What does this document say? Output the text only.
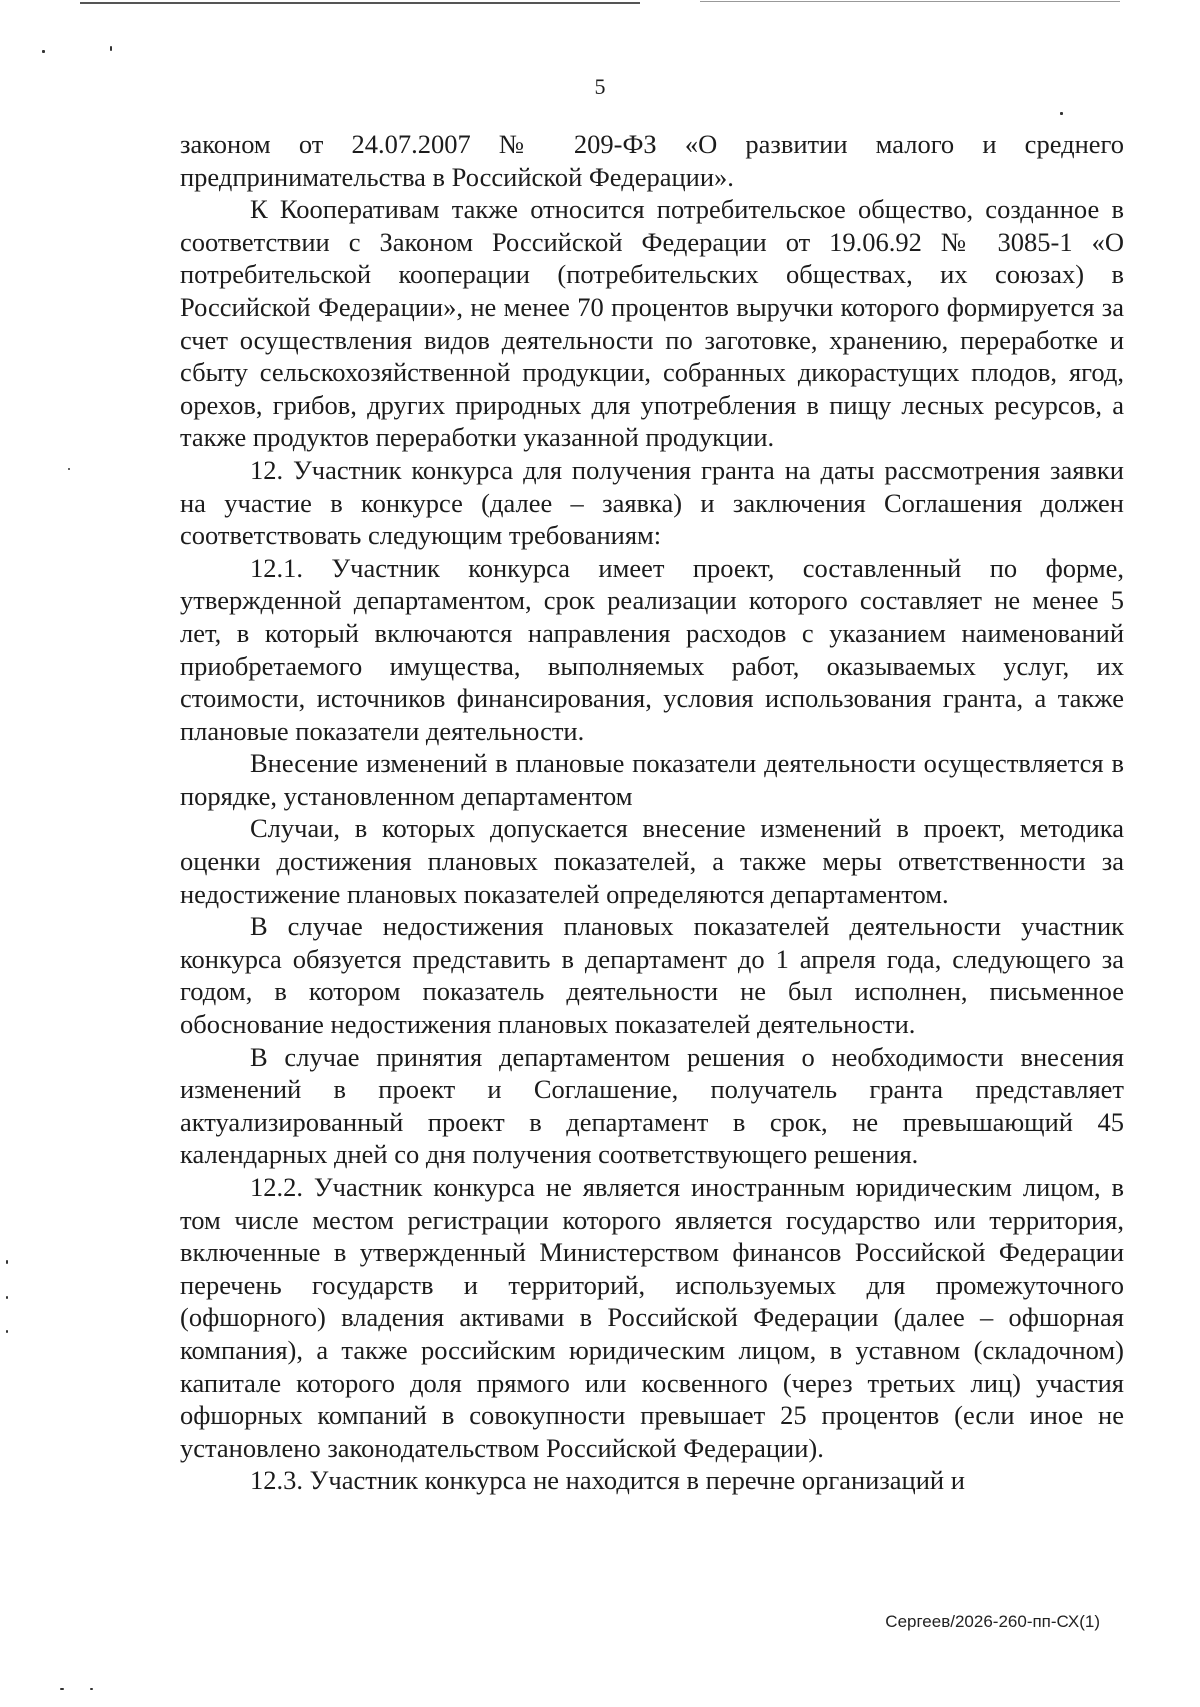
5

законом от 24.07.2007 № 209-ФЗ «О развитии малого и среднего предпринимательства в Российской Федерации».

К Кооперативам также относится потребительское общество, созданное в соответствии с Законом Российской Федерации от 19.06.92 № 3085-1 «О потребительской кооперации (потребительских обществах, их союзах) в Российской Федерации», не менее 70 процентов выручки которого формируется за счет осуществления видов деятельности по заготовке, хранению, переработке и сбыту сельскохозяйственной продукции, собранных дикорастущих плодов, ягод, орехов, грибов, других природных для употребления в пищу лесных ресурсов, а также продуктов переработки указанной продукции.

12. Участник конкурса для получения гранта на даты рассмотрения заявки на участие в конкурсе (далее – заявка) и заключения Соглашения должен соответствовать следующим требованиям:

12.1. Участник конкурса имеет проект, составленный по форме, утвержденной департаментом, срок реализации которого составляет не менее 5 лет, в который включаются направления расходов с указанием наименований приобретаемого имущества, выполняемых работ, оказываемых услуг, их стоимости, источников финансирования, условия использования гранта, а также плановые показатели деятельности.

Внесение изменений в плановые показатели деятельности осуществляется в порядке, установленном департаментом

Случаи, в которых допускается внесение изменений в проект, методика оценки достижения плановых показателей, а также меры ответственности за недостижение плановых показателей определяются департаментом.

В случае недостижения плановых показателей деятельности участник конкурса обязуется представить в департамент до 1 апреля года, следующего за годом, в котором показатель деятельности не был исполнен, письменное обоснование недостижения плановых показателей деятельности.

В случае принятия департаментом решения о необходимости внесения изменений в проект и Соглашение, получатель гранта представляет актуализированный проект в департамент в срок, не превышающий 45 календарных дней со дня получения соответствующего решения.

12.2. Участник конкурса не является иностранным юридическим лицом, в том числе местом регистрации которого является государство или территория, включенные в утвержденный Министерством финансов Российской Федерации перечень государств и территорий, используемых для промежуточного (офшорного) владения активами в Российской Федерации (далее – офшорная компания), а также российским юридическим лицом, в уставном (складочном) капитале которого доля прямого или косвенного (через третьих лиц) участия офшорных компаний в совокупности превышает 25 процентов (если иное не установлено законодательством Российской Федерации).

12.3. Участник конкурса не находится в перечне организаций и

Сергеев/2026-260-пп-СХ(1)
